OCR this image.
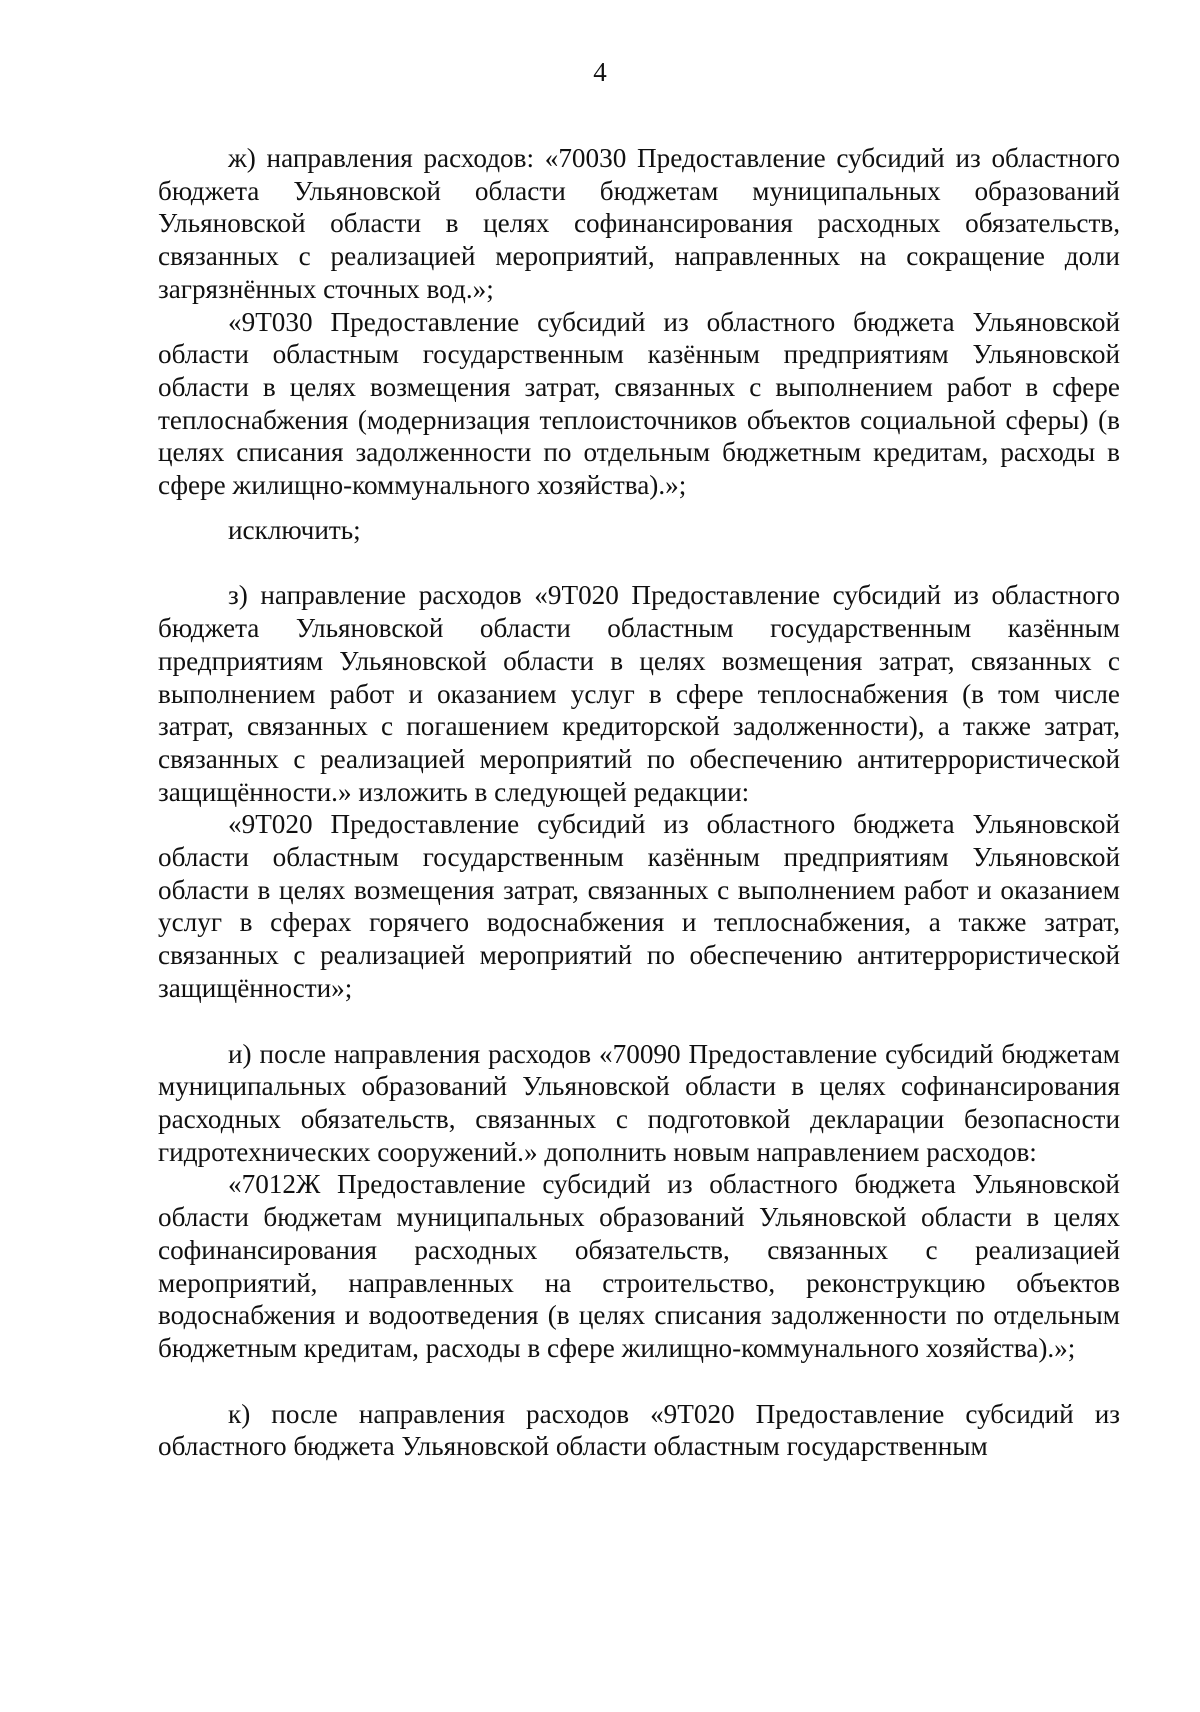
4

ж) направления расходов: «70030 Предоставление субсидий из областного бюджета Ульяновской области бюджетам муниципальных образований Ульяновской области в целях софинансирования расходных обязательств, связанных с реализацией мероприятий, направленных на сокращение доли загрязнённых сточных вод.»;

«9Т030 Предоставление субсидий из областного бюджета Ульяновской области областным государственным казённым предприятиям Ульяновской области в целях возмещения затрат, связанных с выполнением работ в сфере теплоснабжения (модернизация теплоисточников объектов социальной сферы) (в целях списания задолженности по отдельным бюджетным кредитам, расходы в сфере жилищно-коммунального хозяйства).»;

исключить;

з) направление расходов «9Т020 Предоставление субсидий из областного бюджета Ульяновской области областным государственным казённым предприятиям Ульяновской области в целях возмещения затрат, связанных с выполнением работ и оказанием услуг в сфере теплоснабжения (в том числе затрат, связанных с погашением кредиторской задолженности), а также затрат, связанных с реализацией мероприятий по обеспечению антитеррористической защищённости.» изложить в следующей редакции:

«9Т020 Предоставление субсидий из областного бюджета Ульяновской области областным государственным казённым предприятиям Ульяновской области в целях возмещения затрат, связанных с выполнением работ и оказанием услуг в сферах горячего водоснабжения и теплоснабжения, а также затрат, связанных с реализацией мероприятий по обеспечению антитеррористической защищённости»;

и) после направления расходов «70090 Предоставление субсидий бюджетам муниципальных образований Ульяновской области в целях софинансирования расходных обязательств, связанных с подготовкой декларации безопасности гидротехнических сооружений.» дополнить новым направлением расходов:

«7012Ж Предоставление субсидий из областного бюджета Ульяновской области бюджетам муниципальных образований Ульяновской области в целях софинансирования расходных обязательств, связанных с реализацией мероприятий, направленных на строительство, реконструкцию объектов водоснабжения и водоотведения (в целях списания задолженности по отдельным бюджетным кредитам, расходы в сфере жилищно-коммунального хозяйства).»;

к) после направления расходов «9Т020 Предоставление субсидий из областного бюджета Ульяновской области областным государственным
